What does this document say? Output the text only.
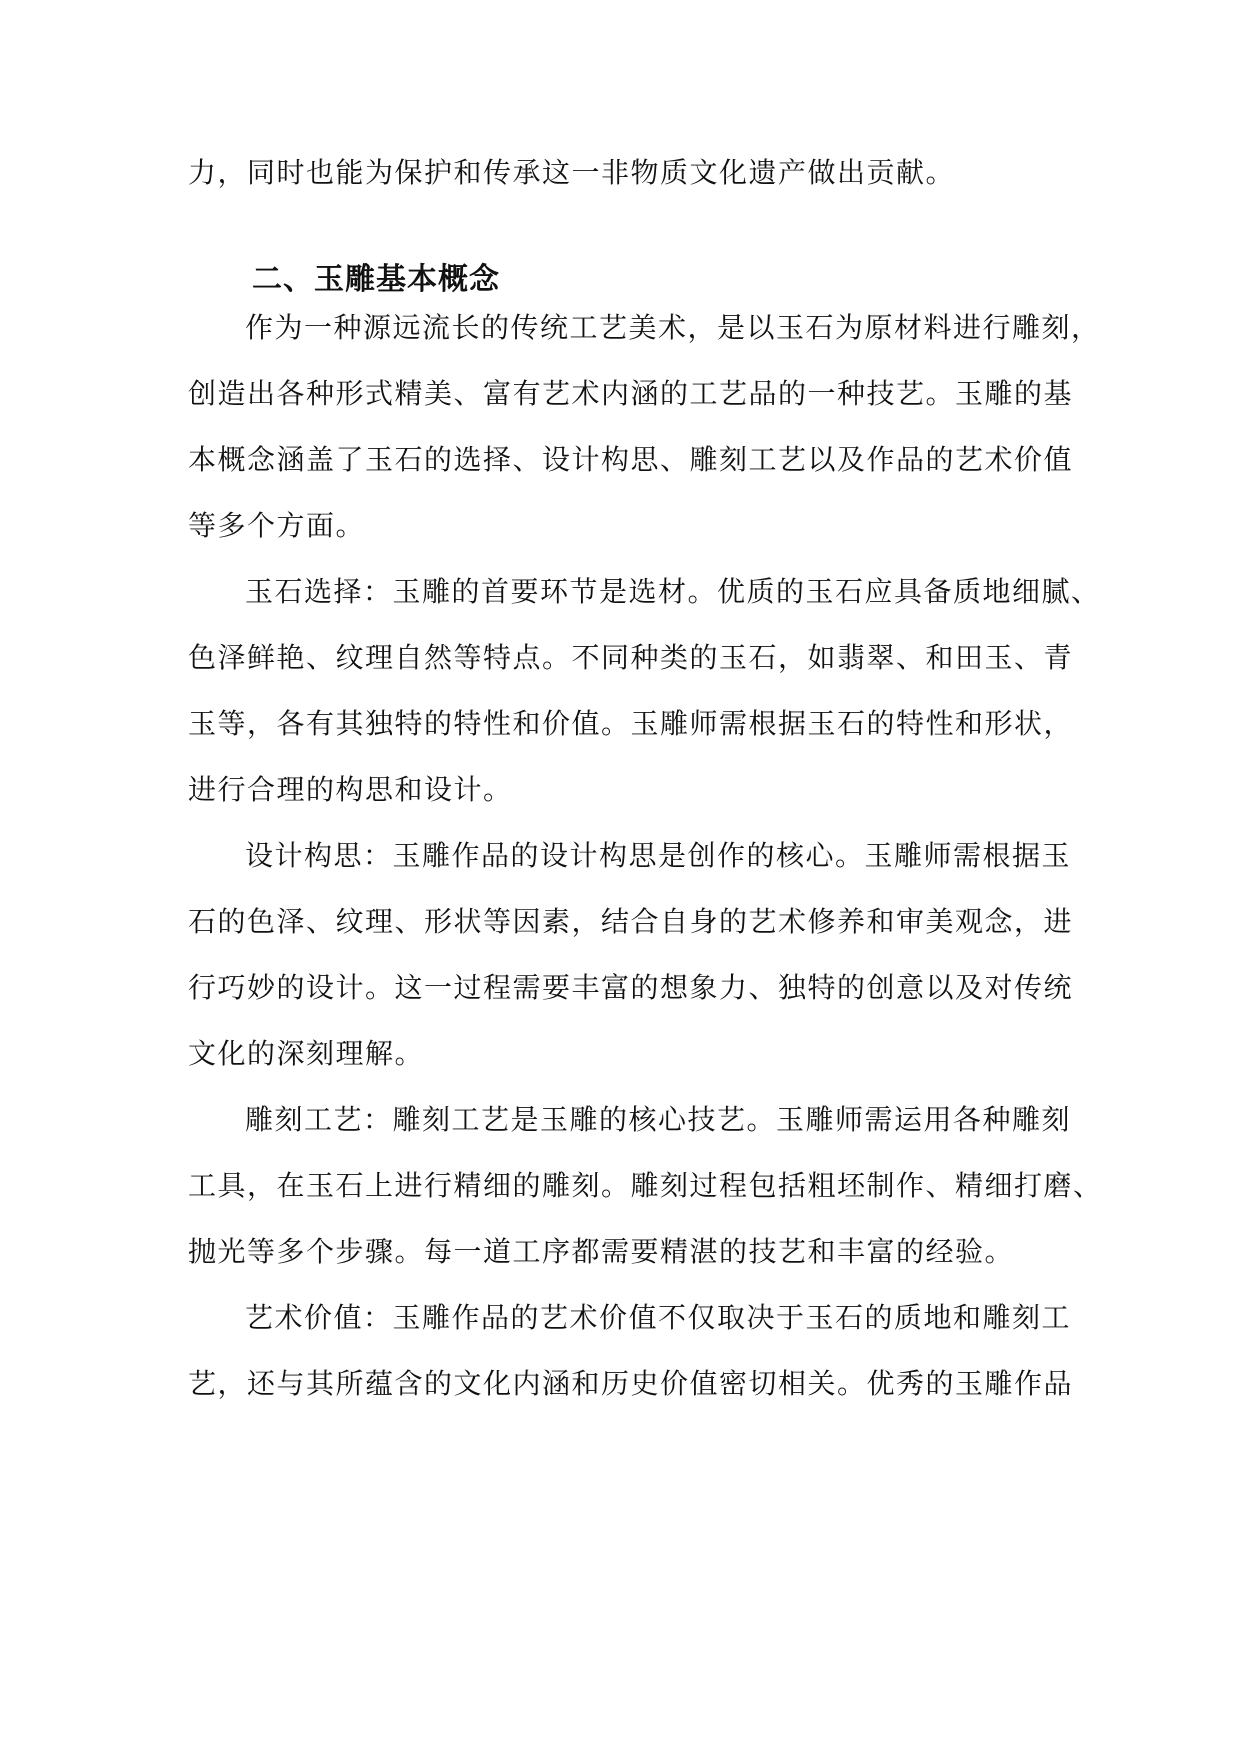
力，同时也能为保护和传承这一非物质文化遗产做出贡献。
二、玉雕基本概念
作为一种源远流长的传统工艺美术，是以玉石为原材料进行雕刻，
创造出各种形式精美、富有艺术内涵的工艺品的一种技艺。玉雕的基
本概念涵盖了玉石的选择、设计构思、雕刻工艺以及作品的艺术价值
等多个方面。
玉石选择：玉雕的首要环节是选材。优质的玉石应具备质地细腻、
色泽鲜艳、纹理自然等特点。不同种类的玉石，如翡翠、和田玉、青
玉等，各有其独特的特性和价值。玉雕师需根据玉石的特性和形状，
进行合理的构思和设计。
设计构思：玉雕作品的设计构思是创作的核心。玉雕师需根据玉
石的色泽、纹理、形状等因素，结合自身的艺术修养和审美观念，进
行巧妙的设计。这一过程需要丰富的想象力、独特的创意以及对传统
文化的深刻理解。
雕刻工艺：雕刻工艺是玉雕的核心技艺。玉雕师需运用各种雕刻
工具，在玉石上进行精细的雕刻。雕刻过程包括粗坯制作、精细打磨、
抛光等多个步骤。每一道工序都需要精湛的技艺和丰富的经验。
艺术价值：玉雕作品的艺术价值不仅取决于玉石的质地和雕刻工
艺，还与其所蕴含的文化内涵和历史价值密切相关。优秀的玉雕作品
